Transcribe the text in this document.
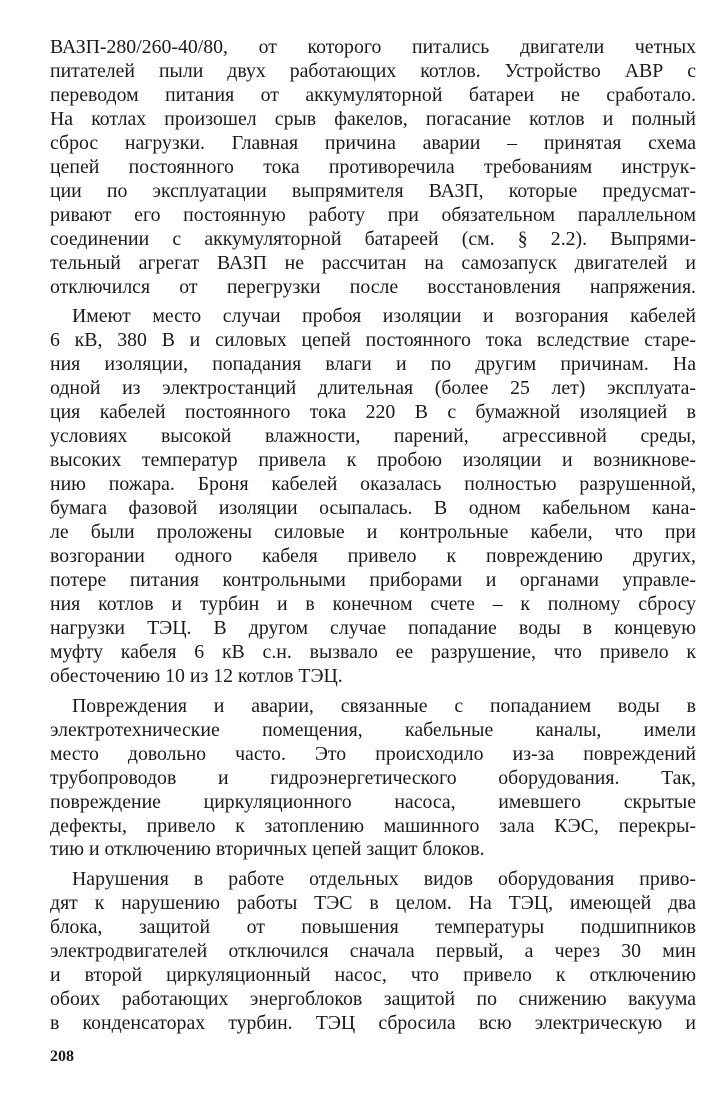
ВАЗП-280/260-40/80, от которого питались двигатели четных
питателей пыли двух работающих котлов. Устройство АВР с
переводом питания от аккумуляторной батареи не сработало.
На котлах произошел срыв факелов, погасание котлов и полный
сброс нагрузки. Главная причина аварии – принятая схема
цепей постоянного тока противоречила требованиям инструк-
ции по эксплуатации выпрямителя ВАЗП, которые предусмат-
ривают его постоянную работу при обязательном параллельном
соединении с аккумуляторной батареей (см. § 2.2). Выпрями-
тельный агрегат ВАЗП не рассчитан на самозапуск двигателей и
отключился от перегрузки после восстановления напряжения.
Имеют место случаи пробоя изоляции и возгорания кабелей
6 кВ, 380 В и силовых цепей постоянного тока вследствие старе-
ния изоляции, попадания влаги и по другим причинам. На
одной из электростанций длительная (более 25 лет) эксплуата-
ция кабелей постоянного тока 220 В с бумажной изоляцией в
условиях высокой влажности, парений, агрессивной среды,
высоких температур привела к пробою изоляции и возникнове-
нию пожара. Броня кабелей оказалась полностью разрушенной,
бумага фазовой изоляции осыпалась. В одном кабельном кана-
ле были проложены силовые и контрольные кабели, что при
возгорании одного кабеля привело к повреждению других,
потере питания контрольными приборами и органами управле-
ния котлов и турбин и в конечном счете – к полному сбросу
нагрузки ТЭЦ. В другом случае попадание воды в концевую
муфту кабеля 6 кВ с.н. вызвало ее разрушение, что привело к
обесточению 10 из 12 котлов ТЭЦ.
Повреждения и аварии, связанные с попаданием воды в
электротехнические помещения, кабельные каналы, имели
место довольно часто. Это происходило из-за повреждений
трубопроводов и гидроэнергетического оборудования. Так,
повреждение циркуляционного насоса, имевшего скрытые
дефекты, привело к затоплению машинного зала КЭС, перекры-
тию и отключению вторичных цепей защит блоков.
Нарушения в работе отдельных видов оборудования приво-
дят к нарушению работы ТЭС в целом. На ТЭЦ, имеющей два
блока, защитой от повышения температуры подшипников
электродвигателей отключился сначала первый, а через 30 мин
и второй циркуляционный насос, что привело к отключению
обоих работающих энергоблоков защитой по снижению вакуума
в конденсаторах турбин. ТЭЦ сбросила всю электрическую и
208
